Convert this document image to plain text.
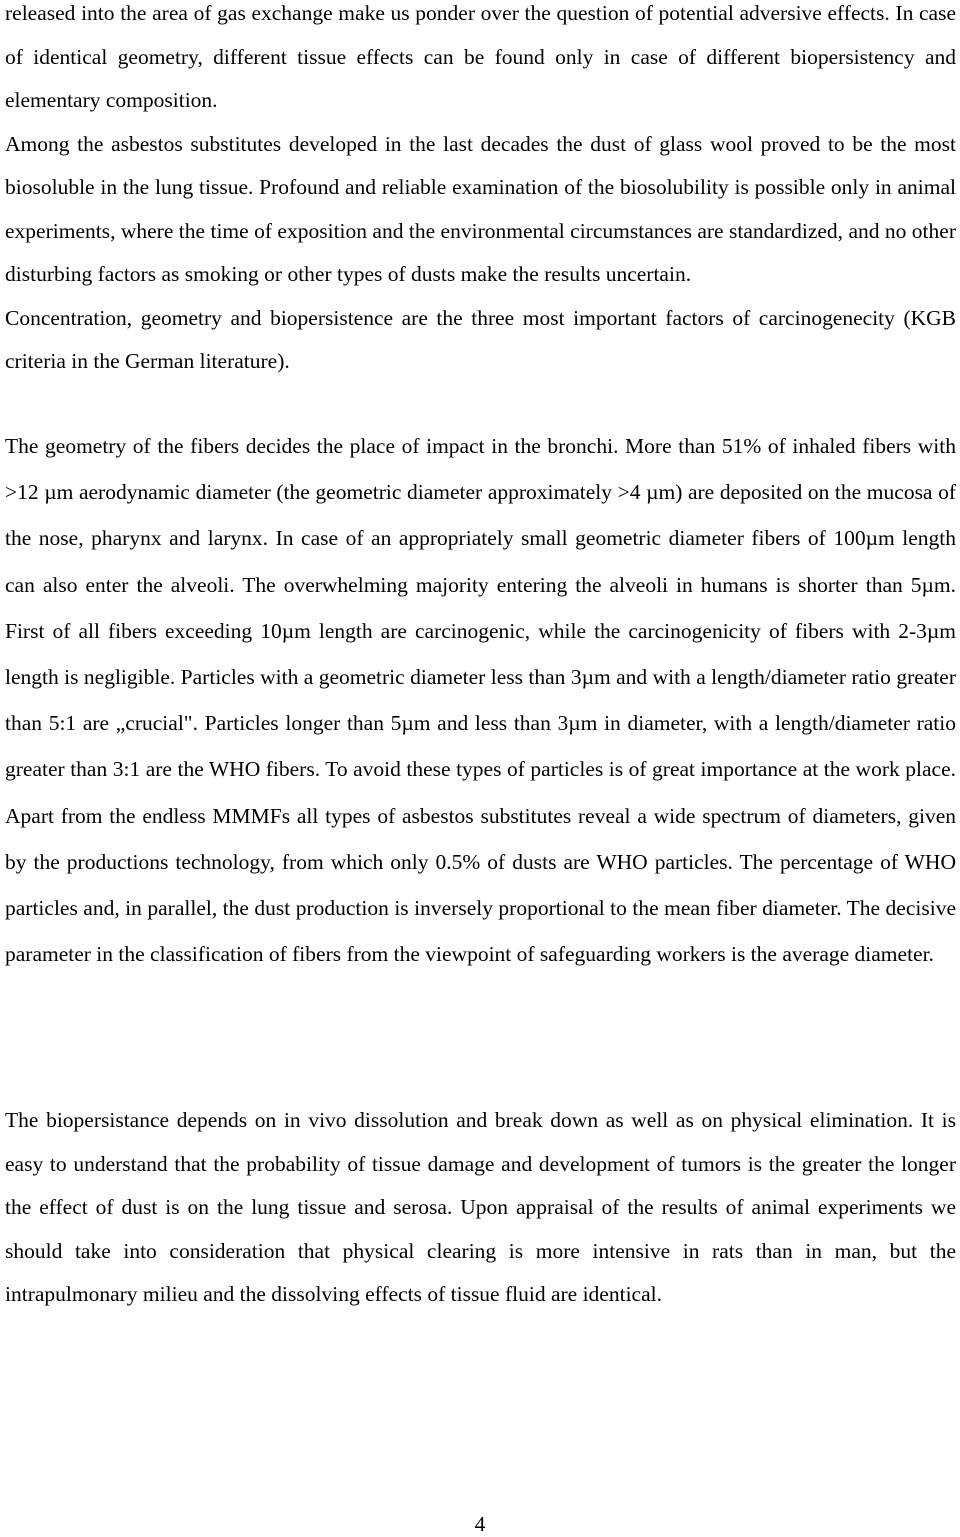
released into the area of gas exchange make us ponder over the question of potential adversive effects. In case of identical geometry, different tissue effects can be found only in case of different biopersistency and elementary composition.

Among the asbestos substitutes developed in the last decades the dust of glass wool proved to be the most biosoluble in the lung tissue. Profound and reliable examination of the biosolubility is possible only in animal experiments, where the time of exposition and the environmental circumstances are standardized, and no other disturbing factors as smoking or other types of dusts make the results uncertain.

Concentration, geometry and biopersistence are the three most important factors of carcinogenecity (KGB criteria in the German literature).

The geometry of the fibers decides the place of impact in the bronchi. More than 51% of inhaled fibers with >12 µm aerodynamic diameter (the geometric diameter approximately >4 µm) are deposited on the mucosa of the nose, pharynx and larynx. In case of an appropriately small geometric diameter fibers of 100µm length can also enter the alveoli. The overwhelming majority entering the alveoli in humans is shorter than 5µm. First of all fibers exceeding 10µm length are carcinogenic, while the carcinogenicity of fibers with 2-3µm length is negligible. Particles with a geometric diameter less than 3µm and with a length/diameter ratio greater than 5:1 are „crucial". Particles longer than 5µm and less than 3µm in diameter, with a length/diameter ratio greater than 3:1 are the WHO fibers. To avoid these types of particles is of great importance at the work place. Apart from the endless MMMFs all types of asbestos substitutes reveal a wide spectrum of diameters, given by the productions technology, from which only 0.5% of dusts are WHO particles. The percentage of WHO particles and, in parallel, the dust production is inversely proportional to the mean fiber diameter. The decisive parameter in the classification of fibers from the viewpoint of safeguarding workers is the average diameter.

The biopersistance depends on in vivo dissolution and break down as well as on physical elimination. It is easy to understand that the probability of tissue damage and development of tumors is the greater the longer the effect of dust is on the lung tissue and serosa. Upon appraisal of the results of animal experiments we should take into consideration that physical clearing is more intensive in rats than in man, but the intrapulmonary milieu and the dissolving effects of tissue fluid are identical.

4
